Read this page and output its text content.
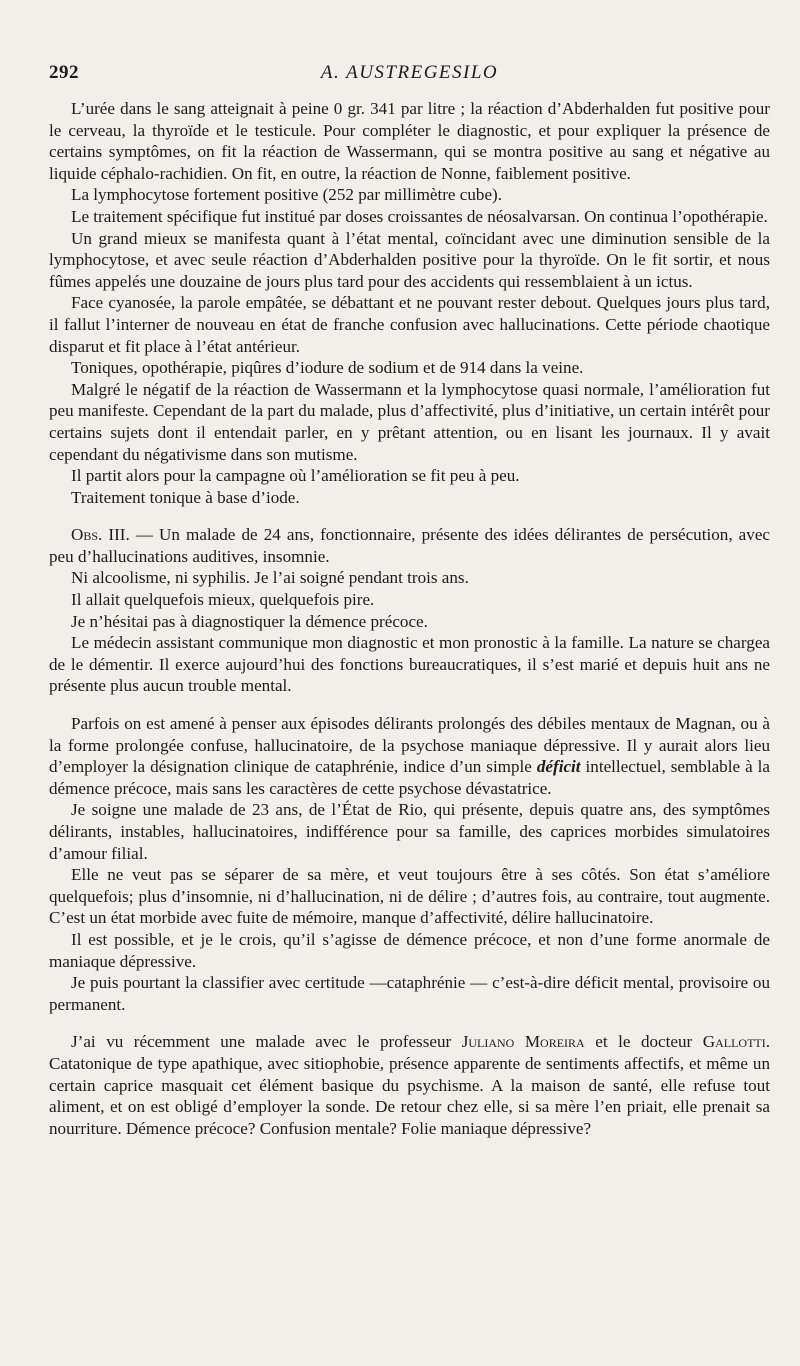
292	A. AUSTREGESILO

L’urée dans le sang atteignait à peine 0 gr. 341 par litre ; la réaction d’Abderhalden fut positive pour le cerveau, la thyroïde et le testicule. Pour compléter le diagnostic, et pour expliquer la présence de certains symptômes, on fit la réaction de Wassermann, qui se montra positive au sang et négative au liquide céphalo-rachidien. On fit, en outre, la réaction de Nonne, faiblement positive.

La lymphocytose fortement positive (252 par millimètre cube).

Le traitement spécifique fut institué par doses croissantes de néosalvarsan. On continua l’opothérapie.

Un grand mieux se manifesta quant à l’état mental, coïncidant avec une diminution sensible de la lymphocytose, et avec seule réaction d’Abderhalden positive pour la thyroïde. On le fit sortir, et nous fûmes appelés une douzaine de jours plus tard pour des accidents qui ressemblaient à un ictus.

Face cyanosée, la parole empâtée, se débattant et ne pouvant rester debout. Quelques jours plus tard, il fallut l’interner de nouveau en état de franche confusion avec hallucinations. Cette période chaotique disparut et fit place à l’état antérieur.

Toniques, opothérapie, piqûres d’iodure de sodium et de 914 dans la veine.

Malgré le négatif de la réaction de Wassermann et la lymphocytose quasi normale, l’amélioration fut peu manifeste. Cependant de la part du malade, plus d’affectivité, plus d’initiative, un certain intérêt pour certains sujets dont il entendait parler, en y prêtant attention, ou en lisant les journaux. Il y avait cependant du négativisme dans son mutisme.

Il partit alors pour la campagne où l’amélioration se fit peu à peu.

Traitement tonique à base d’iode.

Obs. III. — Un malade de 24 ans, fonctionnaire, présente des idées délirantes de persécution, avec peu d’hallucinations auditives, insomnie.

Ni alcoolisme, ni syphilis. Je l’ai soigné pendant trois ans.

Il allait quelquefois mieux, quelquefois pire.

Je n’hésitai pas à diagnostiquer la démence précoce.

Le médecin assistant communique mon diagnostic et mon pronostic à la famille. La nature se chargea de le démentir. Il exerce aujourd’hui des fonctions bureaucratiques, il s’est marié et depuis huit ans ne présente plus aucun trouble mental.

Parfois on est amené à penser aux épisodes délirants prolongés des débiles mentaux de Magnan, ou à la forme prolongée confuse, hallucinatoire, de la psychose maniaque dépressive. Il y aurait alors lieu d’employer la désignation clinique de cataphrénie, indice d’un simple déficit intellectuel, semblable à la démence précoce, mais sans les caractères de cette psychose dévastatrice.

Je soigne une malade de 23 ans, de l’État de Rio, qui présente, depuis quatre ans, des symptômes délirants, instables, hallucinatoires, indifférence pour sa famille, des caprices morbides simulatoires d’amour filial.

Elle ne veut pas se séparer de sa mère, et veut toujours être à ses côtés. Son état s’améliore quelquefois; plus d’insomnie, ni d’hallucination, ni de délire ; d’autres fois, au contraire, tout augmente. C’est un état morbide avec fuite de mémoire, manque d’affectivité, délire hallucinatoire.

Il est possible, et je le crois, qu’il s’agisse de démence précoce, et non d’une forme anormale de maniaque dépressive.

Je puis pourtant la classifier avec certitude —cataphrénie — c’est-à-dire déficit mental, provisoire ou permanent.

J’ai vu récemment une malade avec le professeur Juliano Moreira et le docteur Gallotti. Catatonique de type apathique, avec sitiophobie, présence apparente de sentiments affectifs, et même un certain caprice masquait cet élément basique du psychisme. A la maison de santé, elle refuse tout aliment, et on est obligé d’employer la sonde. De retour chez elle, si sa mère l’en priait, elle prenait sa nourriture. Démence précoce? Confusion mentale? Folie maniaque dépressive?
